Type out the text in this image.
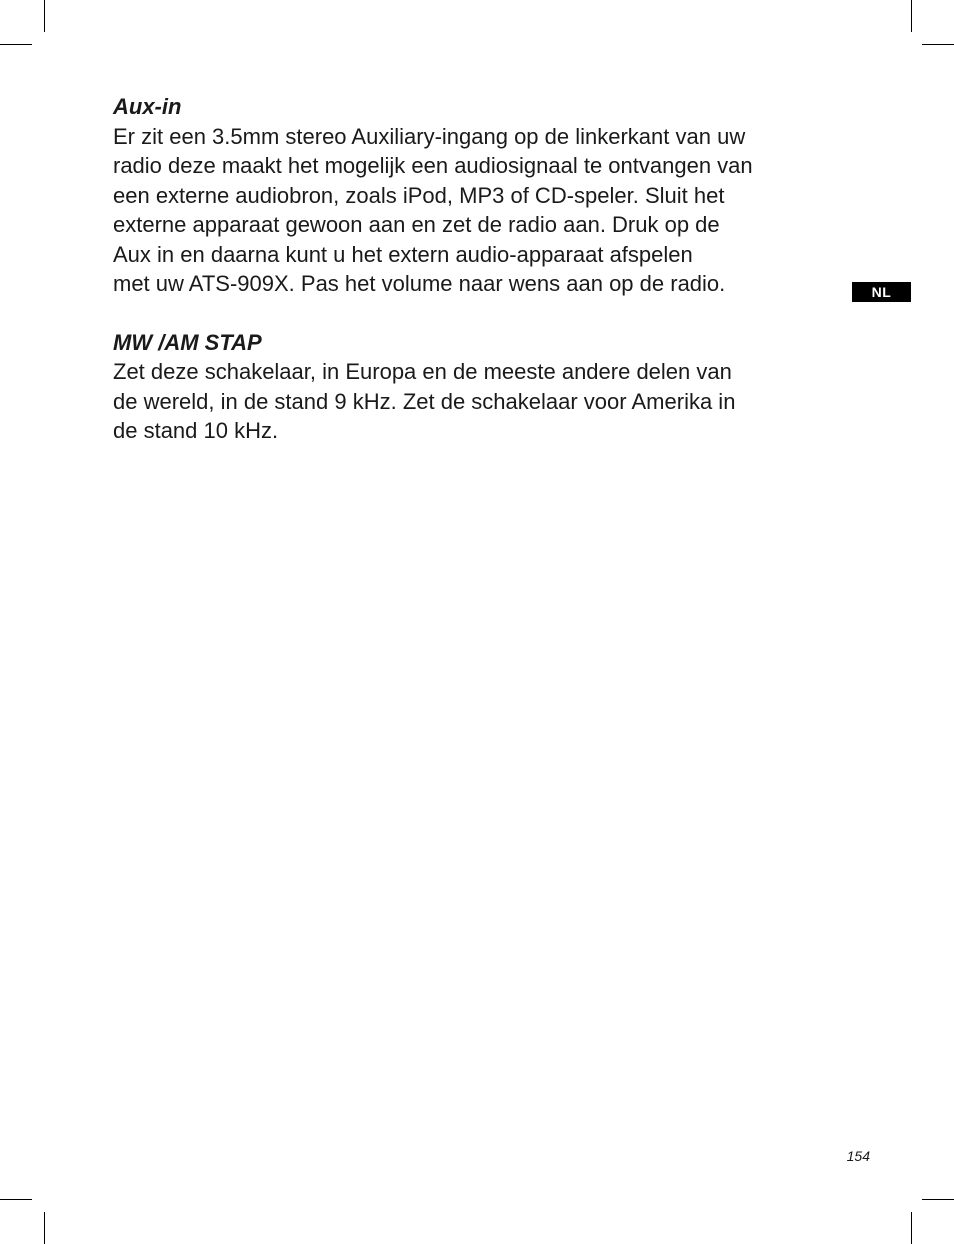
Aux-in
Er zit een 3.5mm stereo Auxiliary-ingang op de linkerkant van uw
radio deze maakt het mogelijk een audiosignaal te ontvangen van
een externe audiobron, zoals iPod, MP3 of CD-speler. Sluit het
externe apparaat gewoon aan en zet de radio aan. Druk op de
Aux in en daarna kunt u het extern audio-apparaat afspelen
met uw ATS-909X. Pas het volume naar wens aan op de radio.
MW /AM STAP
Zet deze schakelaar, in Europa en de meeste andere delen van
de wereld, in de stand 9 kHz. Zet de schakelaar voor Amerika in
de stand 10 kHz.
NL
154
